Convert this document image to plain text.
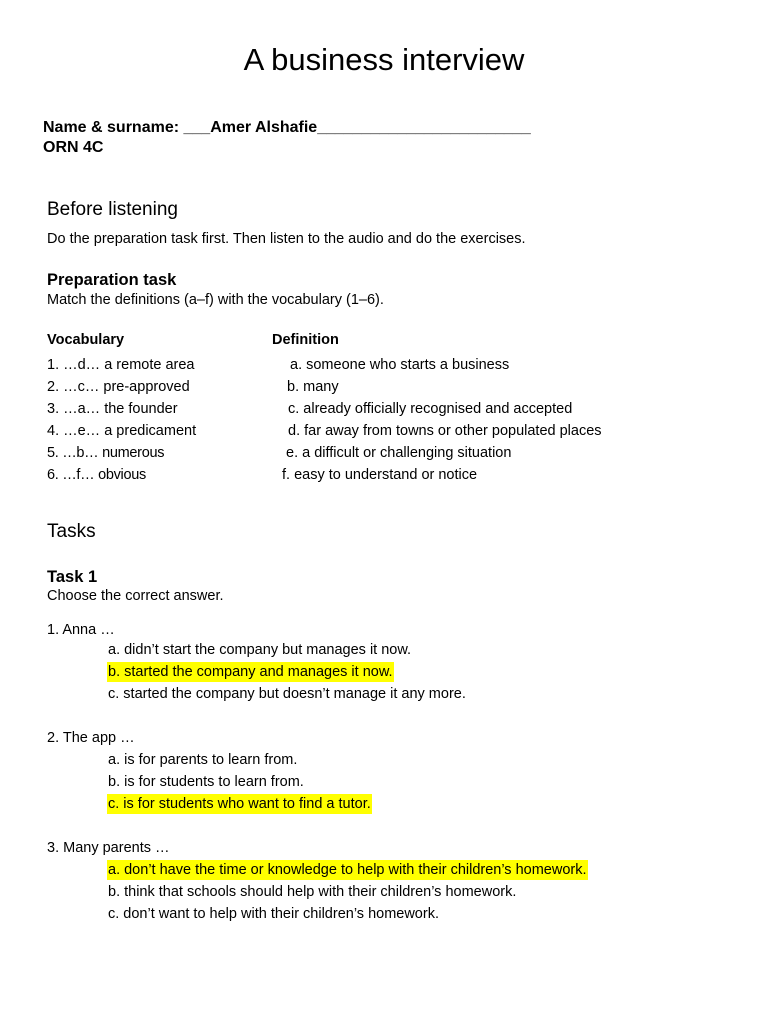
A business interview
Name & surname: ___Amer Alshafie________________________
ORN 4C
Before listening
Do the preparation task first. Then listen to the audio and do the exercises.
Preparation task
Match the definitions (a–f) with the vocabulary (1–6).
Vocabulary	Definition
1. …d… a remote area
2. …c… pre-approved
3. …a… the founder
4. …e… a predicament
5. …b… numerous
6. …f… obvious
a. someone who starts a business
b. many
c. already officially recognised and accepted
d. far away from towns or other populated places
e. a difficult or challenging situation
f. easy to understand or notice
Tasks
Task 1
Choose the correct answer.
1. Anna …
a. didn’t start the company but manages it now.
b. started the company and manages it now.
c. started the company but doesn’t manage it any more.
2. The app …
a. is for parents to learn from.
b. is for students to learn from.
c. is for students who want to find a tutor.
3. Many parents …
a. don’t have the time or knowledge to help with their children’s homework.
b. think that schools should help with their children’s homework.
c. don’t want to help with their children’s homework.
